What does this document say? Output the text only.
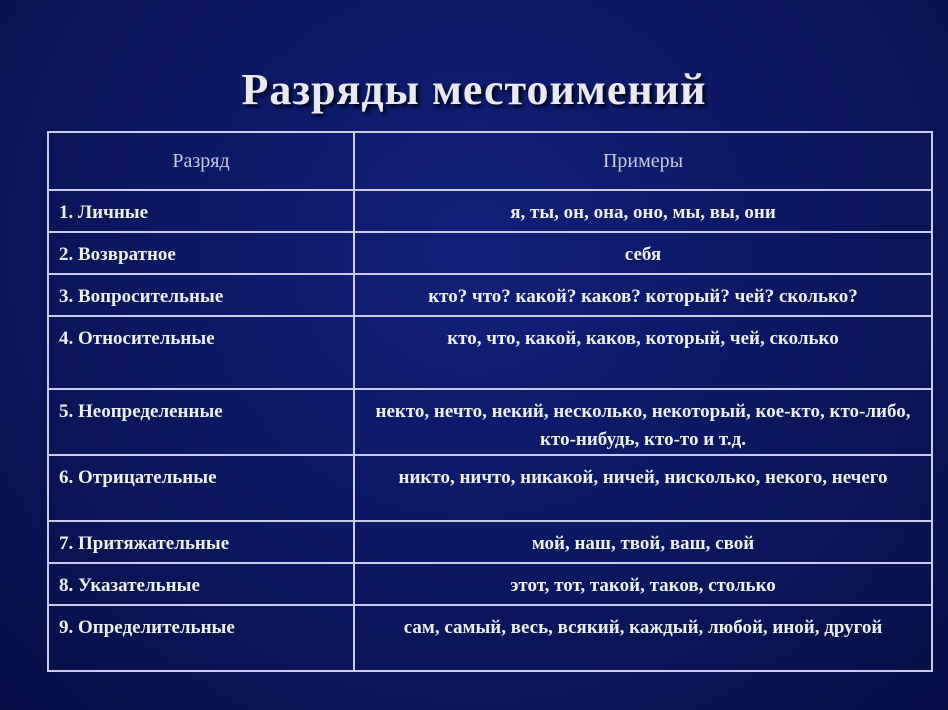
Разряды местоимений
Разряд	Примеры
1. Личные	я, ты, он, она, оно, мы, вы, они
2. Возвратное	себя
3. Вопросительные	кто? что? какой? каков? который? чей? сколько?
4. Относительные	кто, что, какой, каков, который, чей, сколько
5. Неопределенные	некто, нечто, некий, несколько, некоторый, кое-кто, кто-либо, кто-нибудь, кто-то и т.д.
6. Отрицательные	никто, ничто, никакой, ничей, нисколько, некого, нечего
7. Притяжательные	мой, наш, твой, ваш, свой
8. Указательные	этот, тот, такой, таков, столько
9. Определительные	сам, самый, весь, всякий, каждый, любой, иной, другой
